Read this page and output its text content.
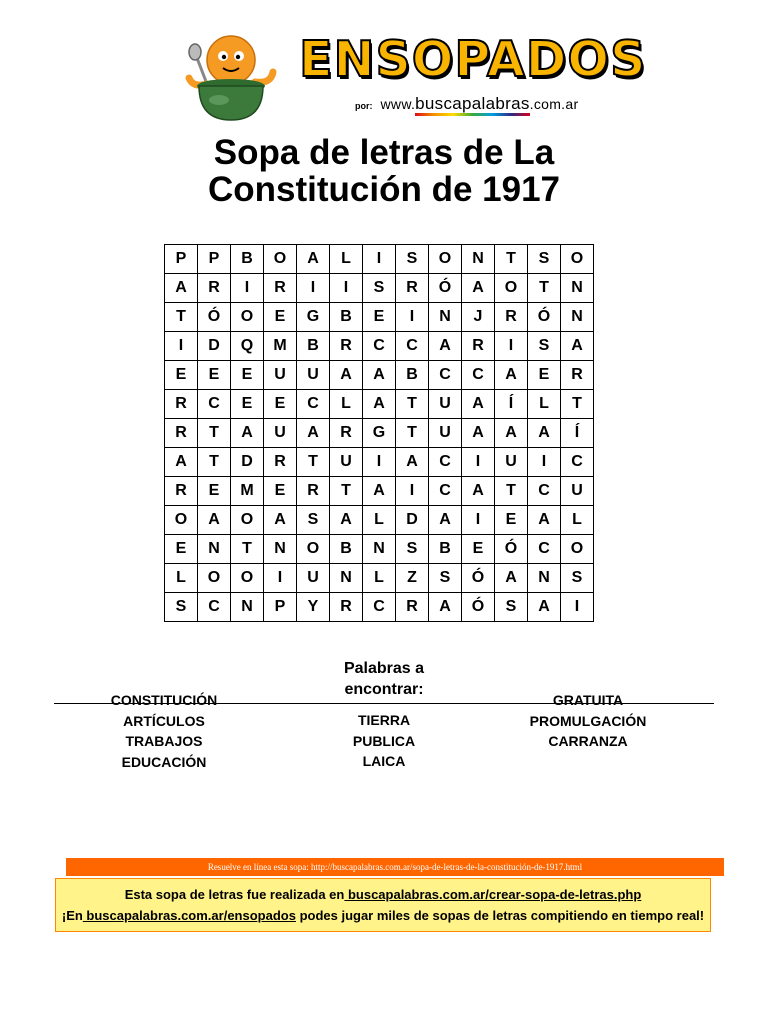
ENSOPADOS
por: www.buscapalabras.com.ar
Sopa de letras de La
Constitución de 1917
P	P	B	O	A	L	I	S	O	N	T	S	O
A	R	I	R	I	I	S	R	Ó	A	O	T	N
T	Ó	O	E	G	B	E	I	N	J	R	Ó	N
I	D	Q	M	B	R	C	C	A	R	I	S	A
E	E	E	U	U	A	A	B	C	C	A	E	R
R	C	E	E	C	L	A	T	U	A	Í	L	T
R	T	A	U	A	R	G	T	U	A	A	A	Í
A	T	D	R	T	U	I	A	C	I	U	I	C
R	E	M	E	R	T	A	I	C	A	T	C	U
O	A	O	A	S	A	L	D	A	I	E	A	L
E	N	T	N	O	B	N	S	B	E	Ó	C	O
L	O	O	I	U	N	L	Z	S	Ó	A	N	S
S	C	N	P	Y	R	C	R	A	Ó	S	A	I
Palabras a
encontrar:
CONSTITUCIÓN
ARTÍCULOS
TRABAJOS
EDUCACIÓN
TIERRA
PUBLICA
LAICA
GRATUITA
PROMULGACIÓN
CARRANZA
Resuelve en línea esta sopa: http://buscapalabras.com.ar/sopa-de-letras-de-la-constitución-de-1917.html

Esta sopa de letras fue realizada en buscapalabras.com.ar/crear-sopa-de-letras.php

¡En buscapalabras.com.ar/ensopados podes jugar miles de sopas de letras compitiendo en tiempo real!
